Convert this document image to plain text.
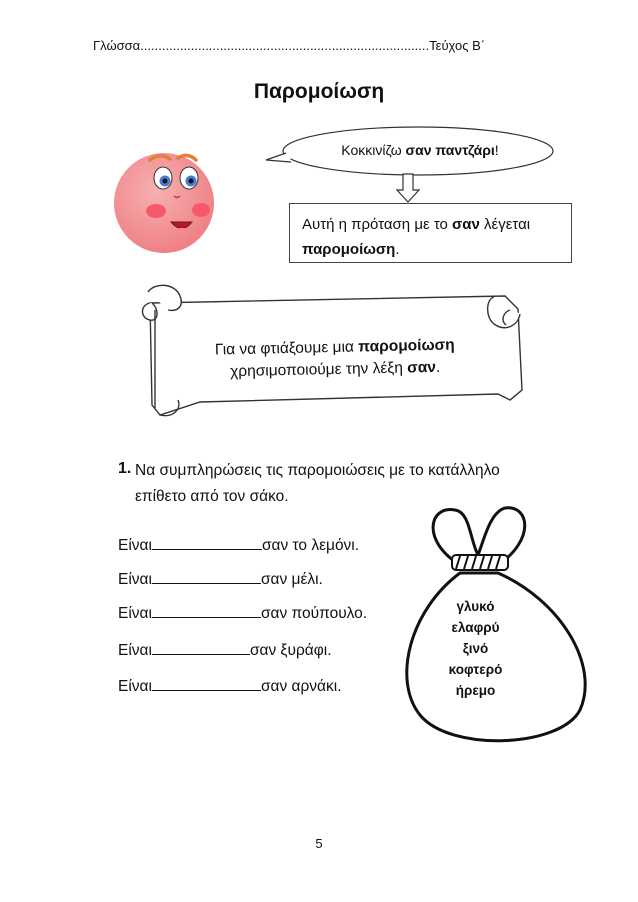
Γλώσσα................................................................................Τεύχος Β΄
Παρομοίωση
Κοκκινίζω σαν παντζάρι!
Αυτή η πρόταση με το σαν λέγεται παρομοίωση.
Για να φτιάξουμε μια παρομοίωση
χρησιμοποιούμε την λέξη σαν.
1. Να συμπληρώσεις τις παρομοιώσεις με το κατάλληλο
επίθετο από τον σάκο.
Είναι	σαν το λεμόνι.
Είναι	σαν μέλι.
Είναι	σαν πούπουλο.
Είναι	σαν ξυράφι.
Είναι	σαν αρνάκι.
γλυκό
ελαφρύ
ξινό
κοφτερό
ήρεμο
5
